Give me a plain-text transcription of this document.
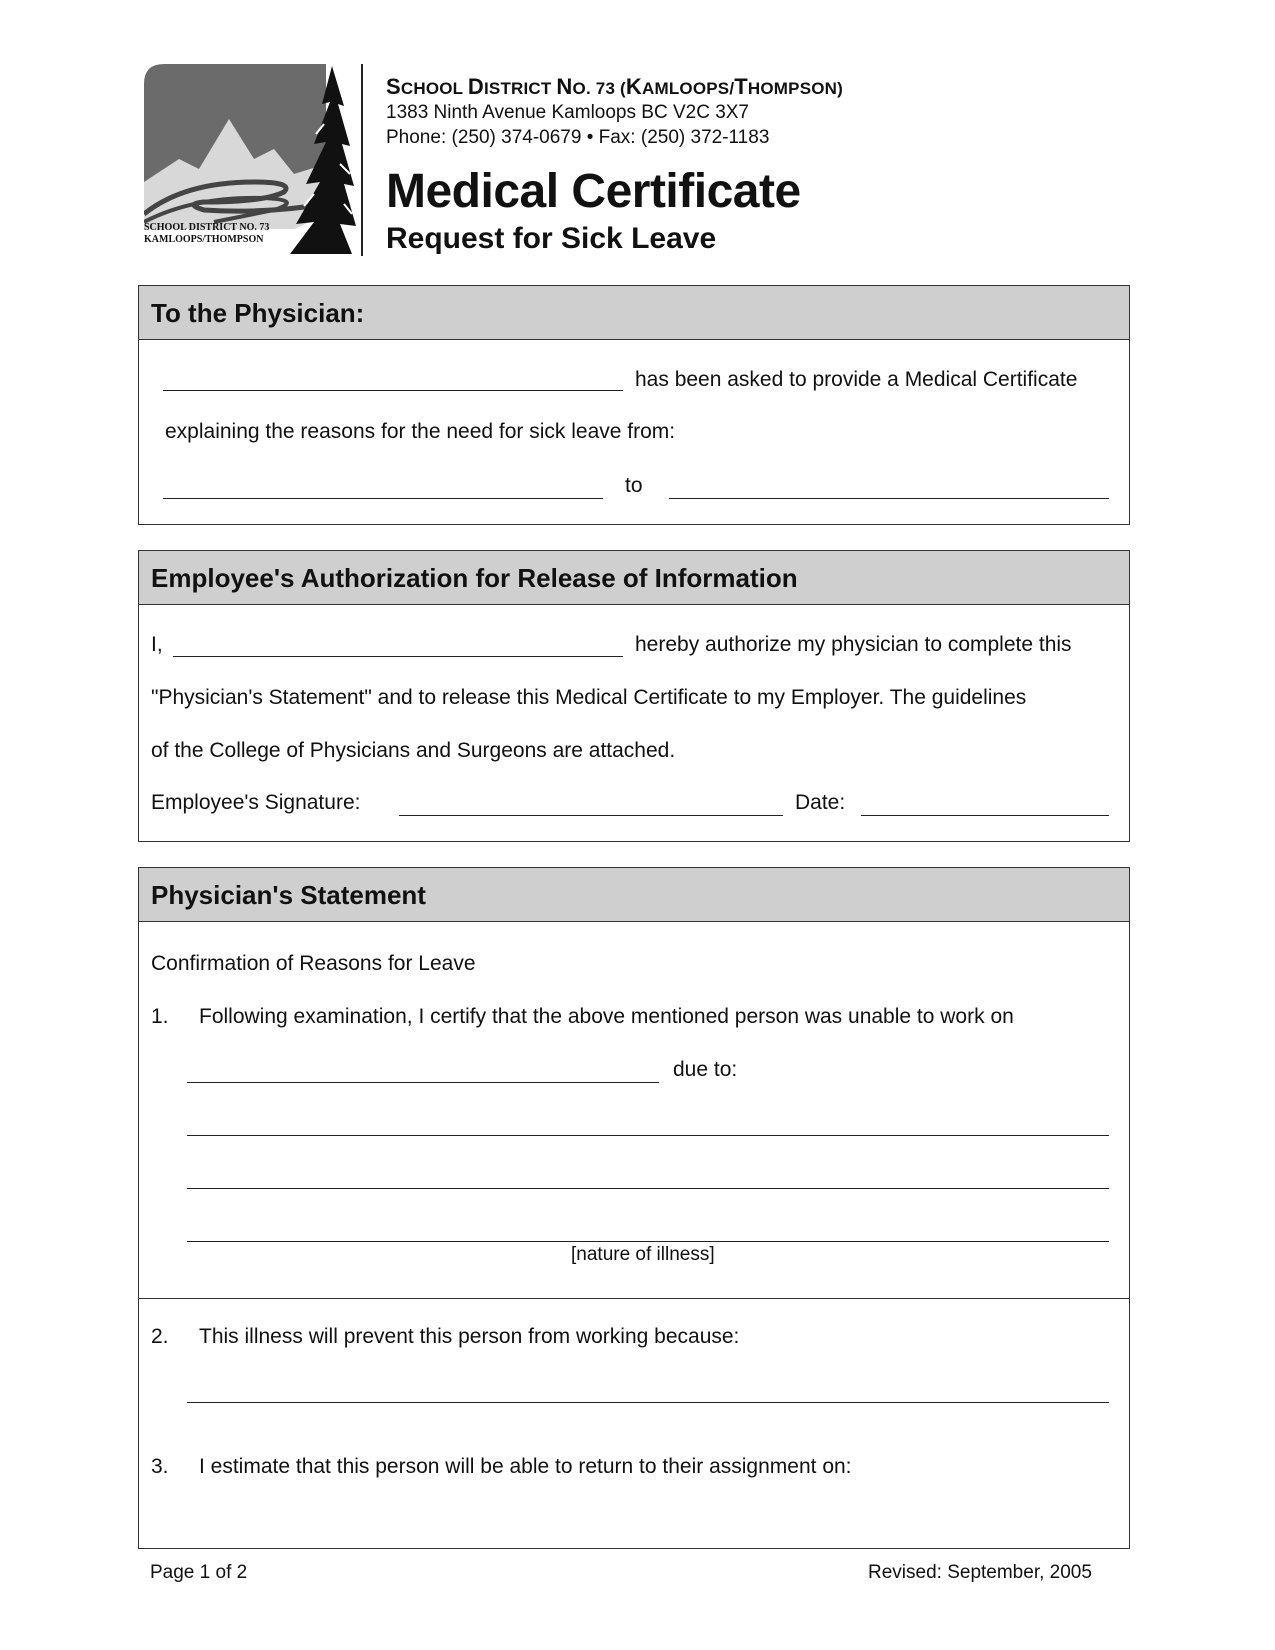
SCHOOL DISTRICT NO. 73
KAMLOOPS/THOMPSON
SCHOOL DISTRICT NO. 73 (KAMLOOPS/THOMPSON)
1383 Ninth Avenue Kamloops BC V2C 3X7
Phone: (250) 374-0679 • Fax: (250) 372-1183
Medical Certificate
Request for Sick Leave
To the Physician:
has been asked to provide a Medical Certificate
explaining the reasons for the need for sick leave from:
to
Employee's Authorization for Release of Information
I,	hereby authorize my physician to complete this
"Physician's Statement" and to release this Medical Certificate to my Employer. The guidelines
of the College of Physicians and Surgeons are attached.
Employee's Signature:	Date:
Physician's Statement
Confirmation of Reasons for Leave
1. Following examination, I certify that the above mentioned person was unable to work on
due to:
[nature of illness]
2. This illness will prevent this person from working because:
3. I estimate that this person will be able to return to their assignment on:
Page 1 of 2	Revised: September, 2005
